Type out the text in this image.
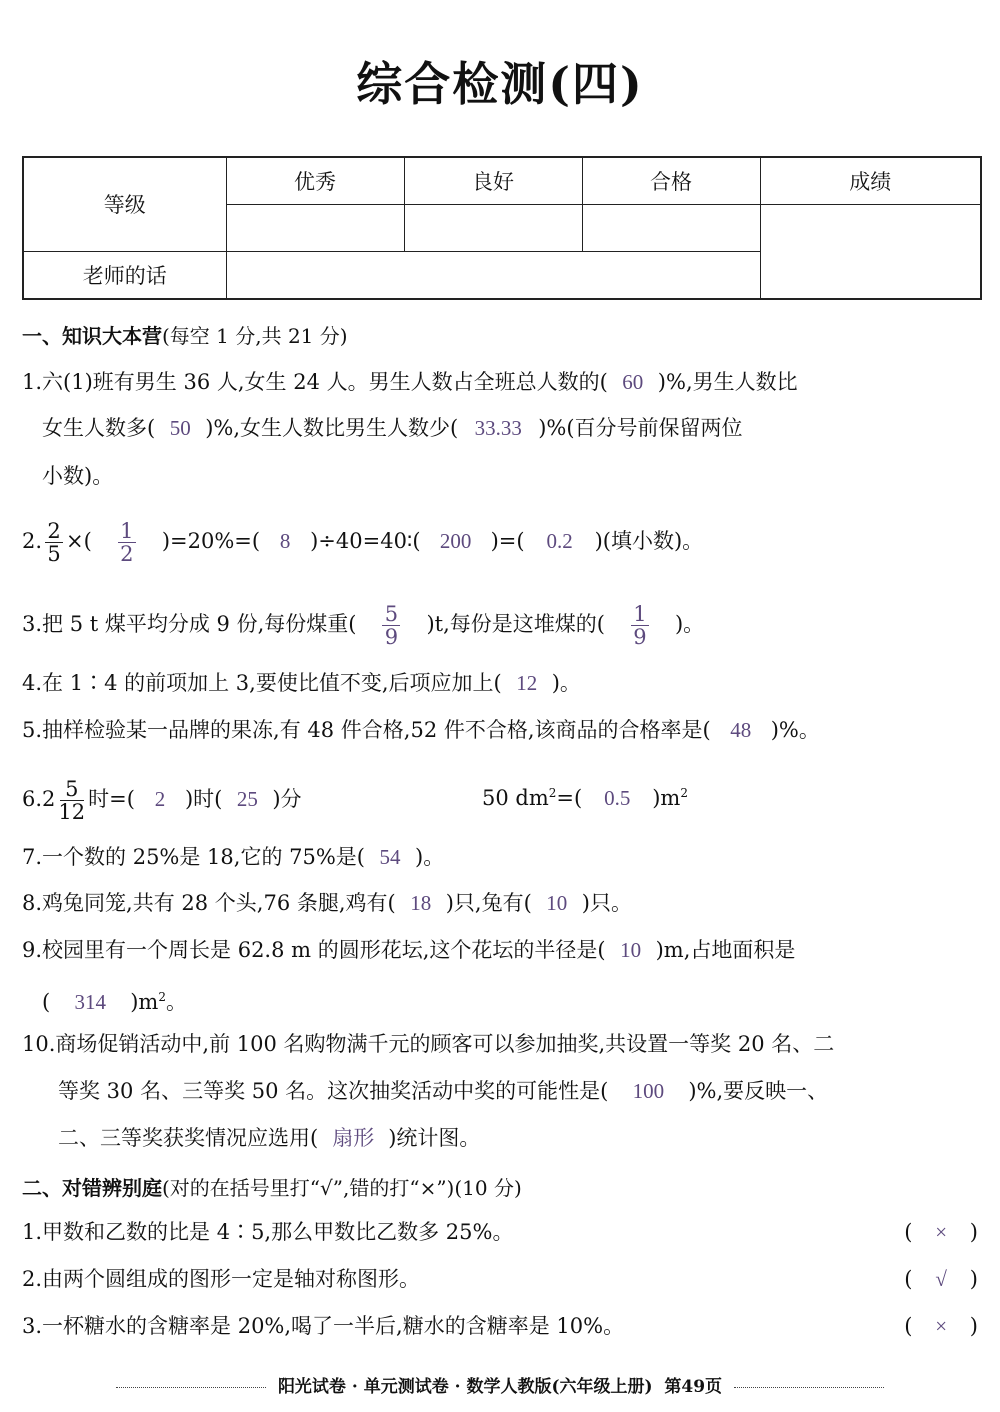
综合检测(四)
等级	优秀	良好	合格	成绩

老师的话				
一、知识大本营(每空 1 分,共 21 分)
1.六(1)班有男生 36 人,女生 24 人。男生人数占全班总人数的( 60 )%,男生人数比
女生人数多( 50 )%,女生人数比男生人数少( 33.33 )%(百分号前保留两位
小数)。
2. $\frac{2}{5}$ ×( $\frac{1}{2} )=20\%=$( 8 )÷40=40∶( 200 )=( 0.2 )(填小数)。
3.把 5 t 煤平均分成 9 份,每份煤重( $\frac{5}{9} )t$,每份是这堆煤的( $\frac{1}{9}$ )。
4.在 1∶4 的前项加上 3,要使比值不变,后项应加上( 12 )。
5.抽样检验某一品牌的果冻,有 48 件合格,52 件不合格,该商品的合格率是( 48 )%。
$6.2 \frac{5}{12}$ 时=( 2 )时( 25 )分	50 $dm^2=$( 0.5 )$m^2$
7.一个数的 25%是 18,它的 75%是( 54 )。
8.鸡兔同笼,共有 28 个头,76 条腿,鸡有( 18 )只,兔有( 10 )只。
9.校园里有一个周长是 62.8 m 的圆形花坛,这个花坛的半径是( 10 )m,占地面积是
( 314 )$m^2$。
10.商场促销活动中,前 100 名购物满千元的顾客可以参加抽奖,共设置一等奖 20 名、二
等奖 30 名、三等奖 50 名。这次抽奖活动中奖的可能性是( 100 )%,要反映一、
二、三等奖获奖情况应选用( 扇形 )统计图。
二、对错辨别庭(对的在括号里打“√”,错的打“×”)(10 分)
1.甲数和乙数的比是 4∶5,那么甲数比乙数多 25%。	( × )
2.由两个圆组成的图形一定是轴对称图形。	( √ )
3.一杯糖水的含糖率是 20%,喝了一半后,糖水的含糖率是 10%。	( × )
阳光试卷 · 单元测试卷 · 数学人教版(六年级上册) 第49页
